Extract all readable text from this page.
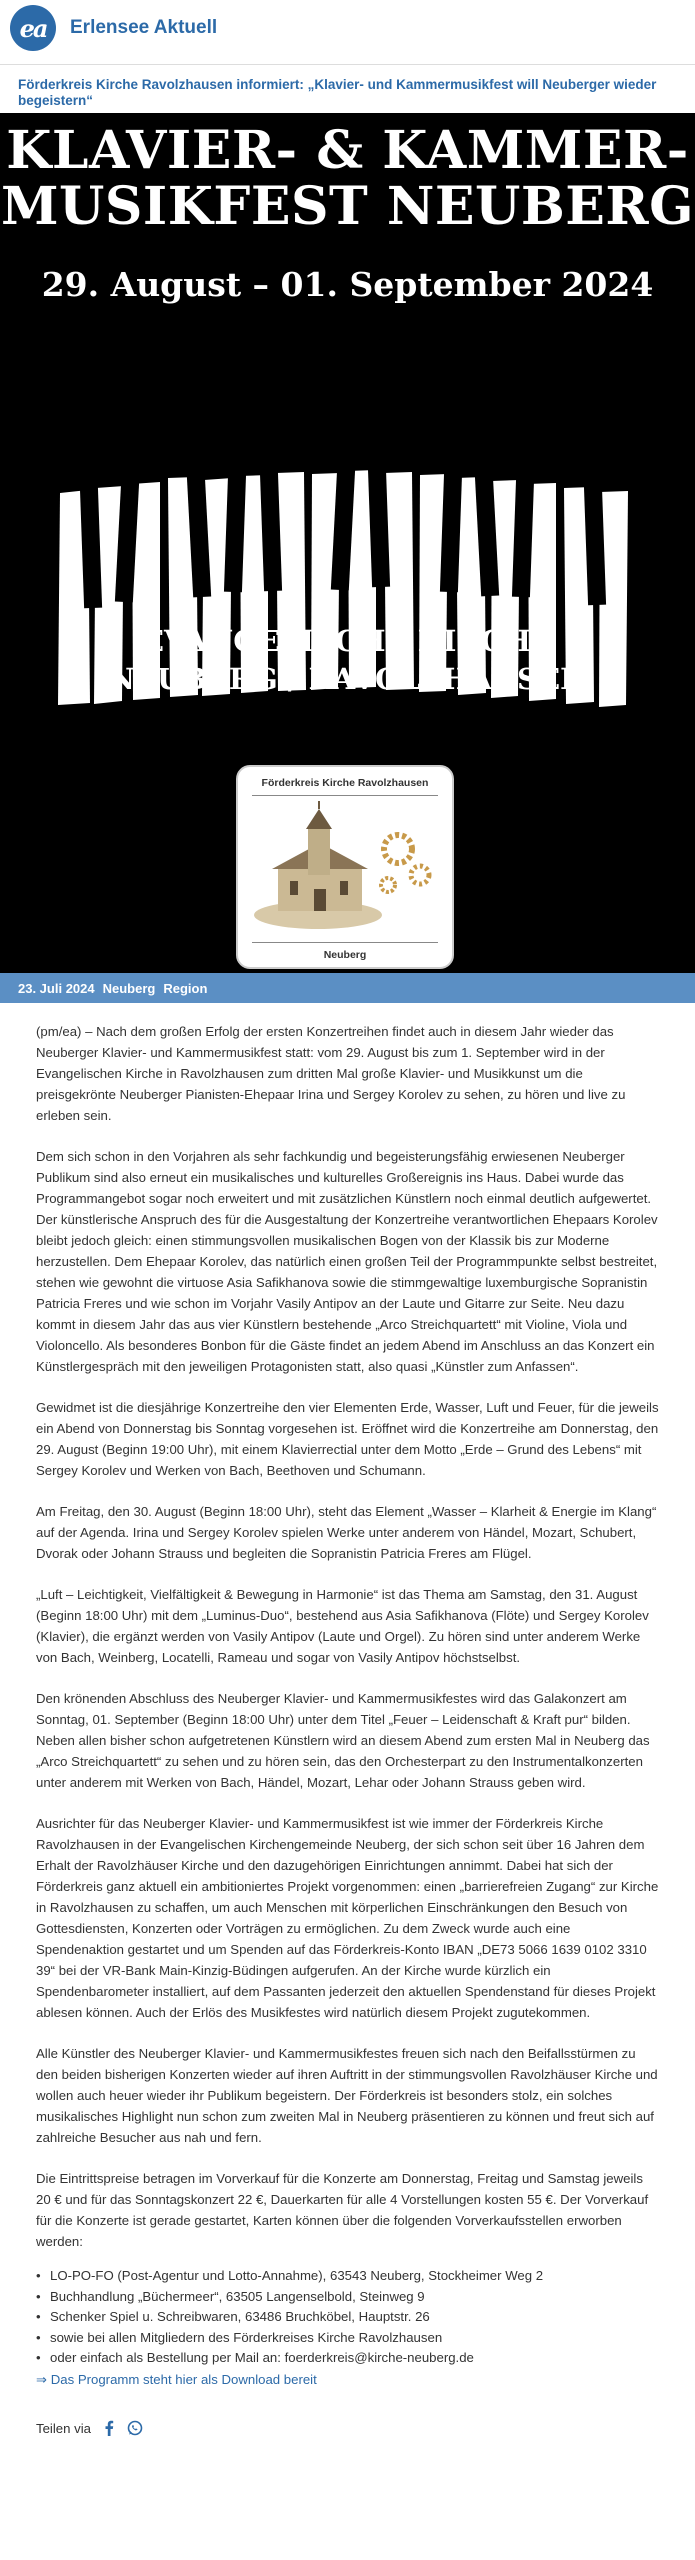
ea Erlensee Aktuell
Förderkreis Kirche Ravolzhausen informiert: „Klavier- und Kammermusikfest will Neuberger wieder begeistern“
KLAVIER- & KAMMER-
MUSIKFEST NEUBERG
29. August – 01. September 2024
EVANGELISCHE KIRCHE
NEUBERG / RAVOLZHAUSEN
Förderkreis Kirche Ravolzhausen
Neuberg
23. Juli 2024 Neuberg Region

(pm/ea) – Nach dem großen Erfolg der ersten Konzertreihen findet auch in diesem Jahr wieder das Neuberger Klavier- und Kammermusikfest statt: vom 29. August bis zum 1. September wird in der Evangelischen Kirche in Ravolzhausen zum dritten Mal große Klavier- und Musikkunst um die preisgekrönte Neuberger Pianisten-Ehepaar Irina und Sergey Korolev zu sehen, zu hören und live zu erleben sein.

Dem sich schon in den Vorjahren als sehr fachkundig und begeisterungsfähig erwiesenen Neuberger Publikum sind also erneut ein musikalisches und kulturelles Großereignis ins Haus. Dabei wurde das Programmangebot sogar noch erweitert und mit zusätzlichen Künstlern noch einmal deutlich aufgewertet. Der künstlerische Anspruch des für die Ausgestaltung der Konzertreihe verantwortlichen Ehepaars Korolev bleibt jedoch gleich: einen stimmungsvollen musikalischen Bogen von der Klassik bis zur Moderne herzustellen. Dem Ehepaar Korolev, das natürlich einen großen Teil der Programmpunkte selbst bestreitet, stehen wie gewohnt die virtuose Asia Safikhanova sowie die stimmgewaltige luxemburgische Sopranistin Patricia Freres und wie schon im Vorjahr Vasily Antipov an der Laute und Gitarre zur Seite. Neu dazu kommt in diesem Jahr das aus vier Künstlern bestehende „Arco Streichquartett“ mit Violine, Viola und Violoncello. Als besonderes Bonbon für die Gäste findet an jedem Abend im Anschluss an das Konzert ein Künstlergespräch mit den jeweiligen Protagonisten statt, also quasi „Künstler zum Anfassen“.

Gewidmet ist die diesjährige Konzertreihe den vier Elementen Erde, Wasser, Luft und Feuer, für die jeweils ein Abend von Donnerstag bis Sonntag vorgesehen ist. Eröffnet wird die Konzertreihe am Donnerstag, den 29. August (Beginn 19:00 Uhr), mit einem Klavierrectial unter dem Motto „Erde – Grund des Lebens“ mit Sergey Korolev und Werken von Bach, Beethoven und Schumann.

Am Freitag, den 30. August (Beginn 18:00 Uhr), steht das Element „Wasser – Klarheit & Energie im Klang“ auf der Agenda. Irina und Sergey Korolev spielen Werke unter anderem von Händel, Mozart, Schubert, Dvorak oder Johann Strauss und begleiten die Sopranistin Patricia Freres am Flügel.

„Luft – Leichtigkeit, Vielfältigkeit & Bewegung in Harmonie“ ist das Thema am Samstag, den 31. August (Beginn 18:00 Uhr) mit dem „Luminus-Duo“, bestehend aus Asia Safikhanova (Flöte) und Sergey Korolev (Klavier), die ergänzt werden von Vasily Antipov (Laute und Orgel). Zu hören sind unter anderem Werke von Bach, Weinberg, Locatelli, Rameau und sogar von Vasily Antipov höchstselbst.

Den krönenden Abschluss des Neuberger Klavier- und Kammermusikfestes wird das Galakonzert am Sonntag, 01. September (Beginn 18:00 Uhr) unter dem Titel „Feuer – Leidenschaft & Kraft pur“ bilden. Neben allen bisher schon aufgetretenen Künstlern wird an diesem Abend zum ersten Mal in Neuberg das „Arco Streichquartett“ zu sehen und zu hören sein, das den Orchesterpart zu den Instrumentalkonzerten unter anderem mit Werken von Bach, Händel, Mozart, Lehar oder Johann Strauss geben wird.

Ausrichter für das Neuberger Klavier- und Kammermusikfest ist wie immer der Förderkreis Kirche Ravolzhausen in der Evangelischen Kirchengemeinde Neuberg, der sich schon seit über 16 Jahren dem Erhalt der Ravolzhäuser Kirche und den dazugehörigen Einrichtungen annimmt. Dabei hat sich der Förderkreis ganz aktuell ein ambitioniertes Projekt vorgenommen: einen „barrierefreien Zugang“ zur Kirche in Ravolzhausen zu schaffen, um auch Menschen mit körperlichen Einschränkungen den Besuch von Gottesdiensten, Konzerten oder Vorträgen zu ermöglichen. Zu dem Zweck wurde auch eine Spendenaktion gestartet und um Spenden auf das Förderkreis-Konto IBAN „DE73 5066 1639 0102 3310 39“ bei der VR-Bank Main-Kinzig-Büdingen aufgerufen. An der Kirche wurde kürzlich ein Spendenbarometer installiert, auf dem Passanten jederzeit den aktuellen Spendenstand für dieses Projekt ablesen können. Auch der Erlös des Musikfestes wird natürlich diesem Projekt zugutekommen.

Alle Künstler des Neuberger Klavier- und Kammermusikfestes freuen sich nach den Beifallsstürmen zu den beiden bisherigen Konzerten wieder auf ihren Auftritt in der stimmungsvollen Ravolzhäuser Kirche und wollen auch heuer wieder ihr Publikum begeistern. Der Förderkreis ist besonders stolz, ein solches musikalisches Highlight nun schon zum zweiten Mal in Neuberg präsentieren zu können und freut sich auf zahlreiche Besucher aus nah und fern.

Die Eintrittspreise betragen im Vorverkauf für die Konzerte am Donnerstag, Freitag und Samstag jeweils 20 € und für das Sonntagskonzert 22 €, Dauerkarten für alle 4 Vorstellungen kosten 55 €. Der Vorverkauf für die Konzerte ist gerade gestartet, Karten können über die folgenden Vorverkaufsstellen erworben werden:

• LO-PO-FO (Post-Agentur und Lotto-Annahme), 63543 Neuberg, Stockheimer Weg 2
• Buchhandlung „Büchermeer“, 63505 Langenselbold, Steinweg 9
• Schenker Spiel u. Schreibwaren, 63486 Bruchköbel, Hauptstr. 26
• sowie bei allen Mitgliedern des Förderkreises Kirche Ravolzhausen
• oder einfach als Bestellung per Mail an: foerderkreis@kirche-neuberg.de
⇒ Das Programm steht hier als Download bereit
Teilen via
